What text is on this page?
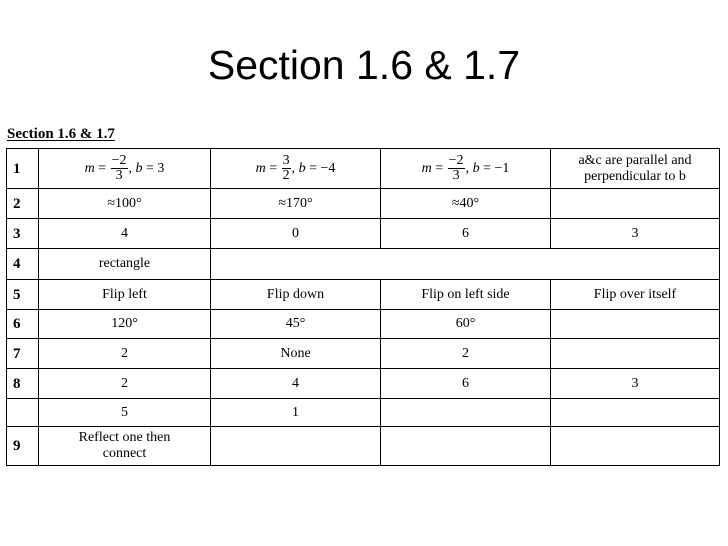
Section 1.6 & 1.7
Section 1.6 & 1.7
1	$m = \frac{-2}{3}$ , b = 3	$m = \frac{3}{2}$ , b = −4	$m = \frac{-2}{3}$ , b = −1	a&c are parallel and perpendicular to b
2	≈100°	≈170°	≈40°	
3	4	0	6	3
4	rectangle			
5	Flip left	Flip down	Flip on left side	Flip over itself
6	120°	45°	60°	
7	2	None	2	
8	2	4	6	3
	5	1		
9	Reflect one then connect			
